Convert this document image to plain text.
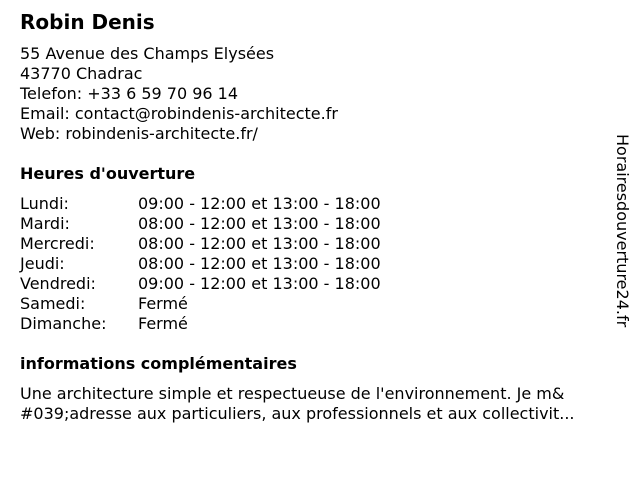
Robin Denis
55 Avenue des Champs Elysées
43770 Chadrac
Telefon: +33 6 59 70 96 14
Email: contact@robindenis-architecte.fr
Web: robindenis-architecte.fr/
Heures d'ouverture
Lundi:	09:00 - 12:00 et 13:00 - 18:00
Mardi:	08:00 - 12:00 et 13:00 - 18:00
Mercredi:	08:00 - 12:00 et 13:00 - 18:00
Jeudi:	08:00 - 12:00 et 13:00 - 18:00
Vendredi:	09:00 - 12:00 et 13:00 - 18:00
Samedi:	Fermé
Dimanche: Fermé
informations complémentaires
Une architecture simple et respectueuse de l'environnement. Je m&
#039;adresse aux particuliers, aux professionnels et aux collectivit...
Horairesdouverture24.fr
